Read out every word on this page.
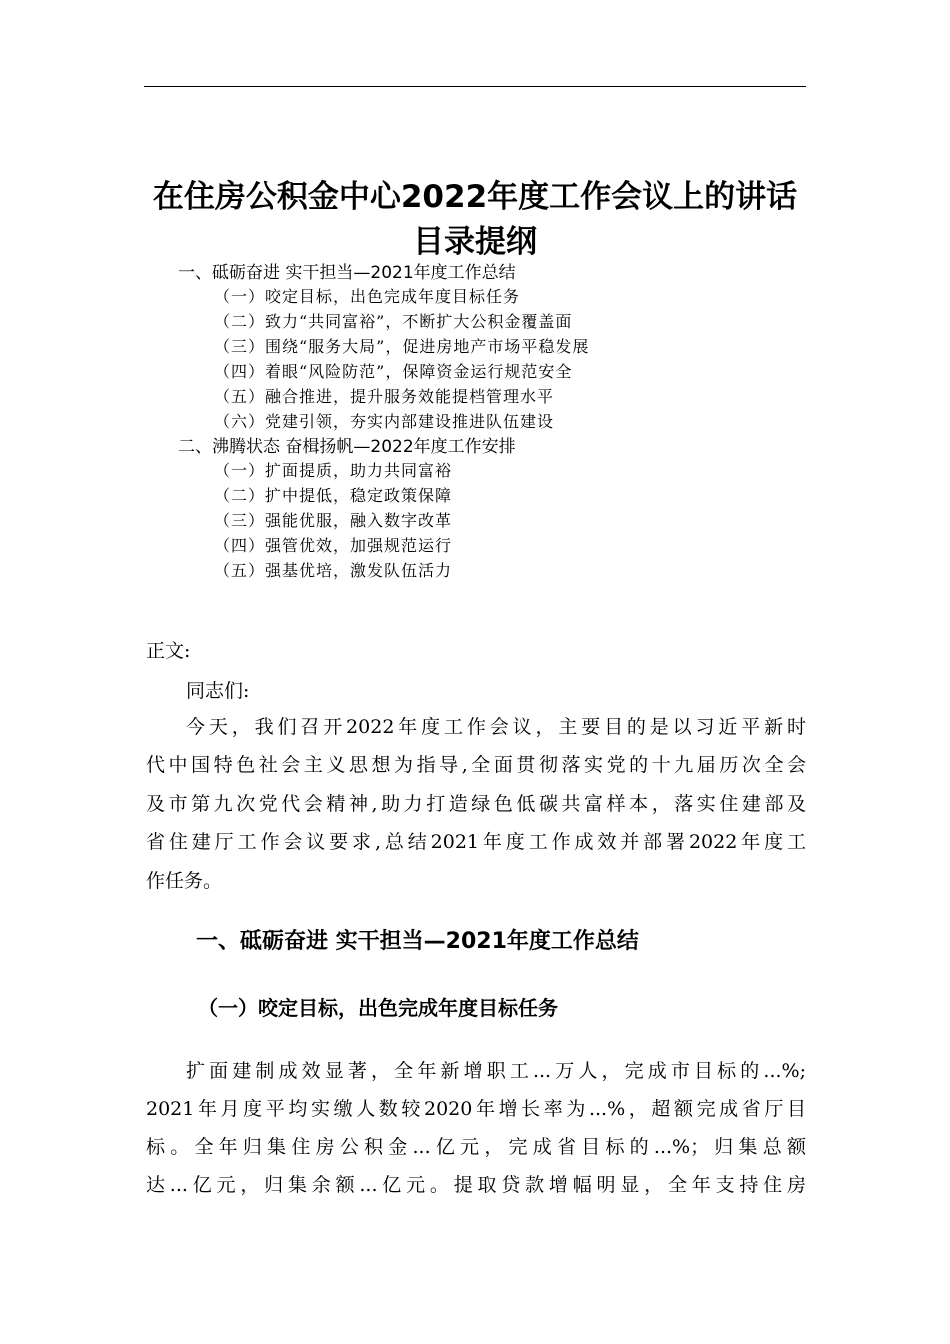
在住房公积金中心2022年度工作会议上的讲话
目录提纲
一、砥砺奋进 实干担当—2021年度工作总结
（一）咬定目标，出色完成年度目标任务
（二）致力“共同富裕”，不断扩大公积金覆盖面
（三）围绕“服务大局”，促进房地产市场平稳发展
（四）着眼“风险防范”，保障资金运行规范安全
（五）融合推进，提升服务效能提档管理水平
（六）党建引领，夯实内部建设推进队伍建设
二、沸腾状态 奋楫扬帆—2022年度工作安排
（一）扩面提质，助力共同富裕
（二）扩中提低，稳定政策保障
（三）强能优服，融入数字改革
（四）强管优效，加强规范运行
（五）强基优培，激发队伍活力
正文:
同志们:
今天，我们召开2022年度工作会议，主要目的是以习近平新时
代中国特色社会主义思想为指导,全面贯彻落实党的十九届历次全会
及市第九次党代会精神,助力打造绿色低碳共富样本，落实住建部及
省住建厅工作会议要求,总结2021年度工作成效并部署2022年度工
作任务。
一、砥砺奋进 实干担当—2021年度工作总结
（一）咬定目标，出色完成年度目标任务
扩面建制成效显著，全年新增职工...万人，完成市目标的...%;
2021年月度平均实缴人数较2020年增长率为...%，超额完成省厅目
标。全年归集住房公积金...亿元，完成省目标的...%；归集总额
达...亿元，归集余额...亿元。提取贷款增幅明显，全年支持住房
